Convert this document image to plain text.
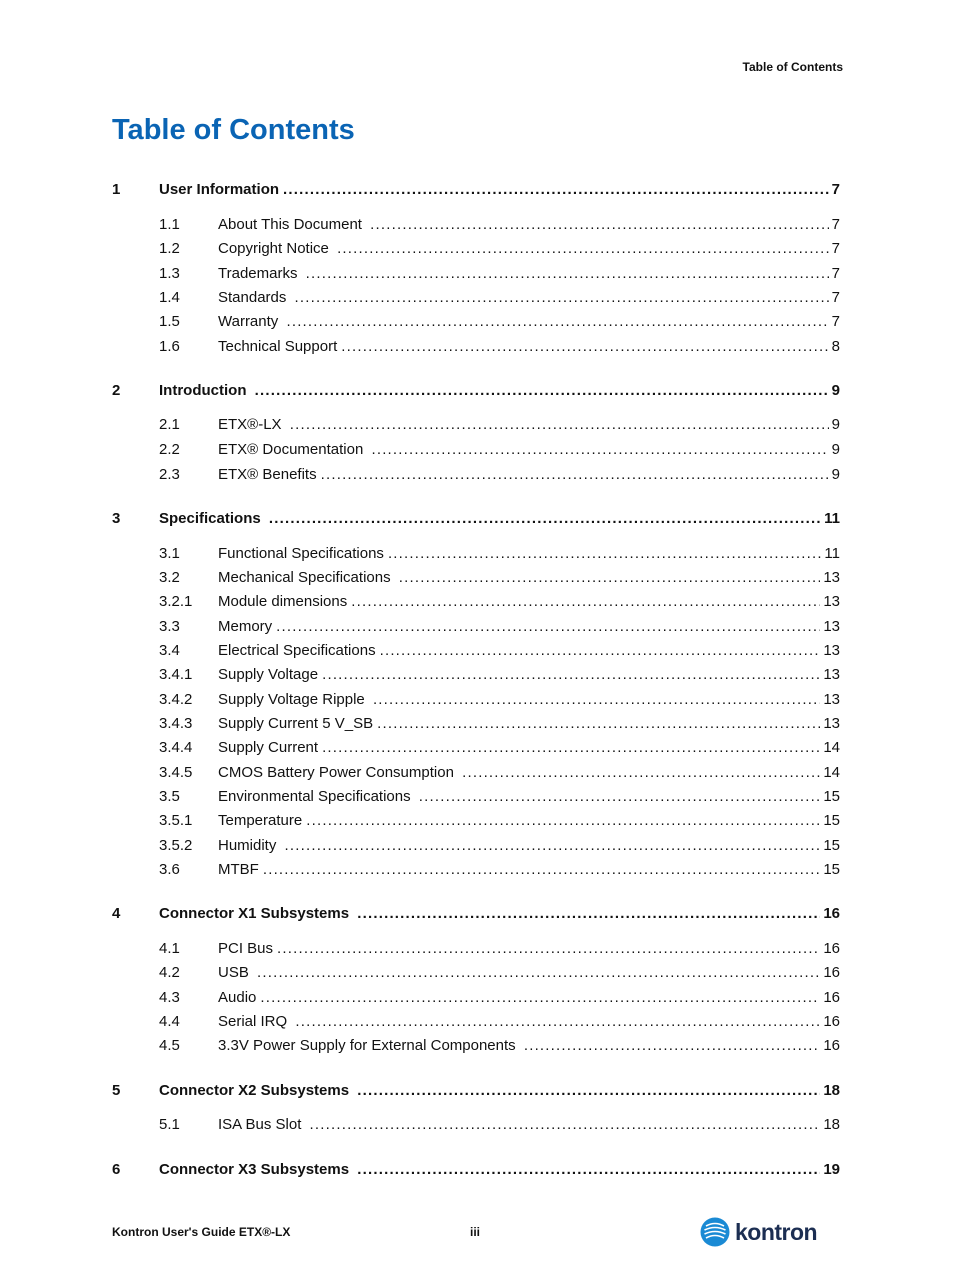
Table of Contents
Table of Contents
1	User Information .....	7
1.1	About This Document .....	7
1.2	Copyright Notice .....	7
1.3	Trademarks .....	7
1.4	Standards .....	7
1.5	Warranty .....	7
1.6	Technical Support .....	8
2	Introduction .....	9
2.1	ETX®-LX .....	9
2.2	ETX® Documentation .....	9
2.3	ETX® Benefits .....	9
3	Specifications .....	11
3.1	Functional Specifications .....	11
3.2	Mechanical Specifications .....	13
3.2.1	Module dimensions .....	13
3.3	Memory .....	13
3.4	Electrical Specifications .....	13
3.4.1	Supply Voltage .....	13
3.4.2	Supply Voltage Ripple .....	13
3.4.3	Supply Current 5 V_SB .....	13
3.4.4	Supply Current .....	14
3.4.5	CMOS Battery Power Consumption .....	14
3.5	Environmental Specifications .....	15
3.5.1	Temperature .....	15
3.5.2	Humidity .....	15
3.6	MTBF .....	15
4	Connector X1 Subsystems .....	16
4.1	PCI Bus .....	16
4.2	USB .....	16
4.3	Audio .....	16
4.4	Serial IRQ .....	16
4.5	3.3V Power Supply for External Components .....	16
5	Connector X2 Subsystems .....	18
5.1	ISA Bus Slot .....	18
6	Connector X3 Subsystems .....	19
Kontron User's Guide ETX®-LX	iii	kontron
